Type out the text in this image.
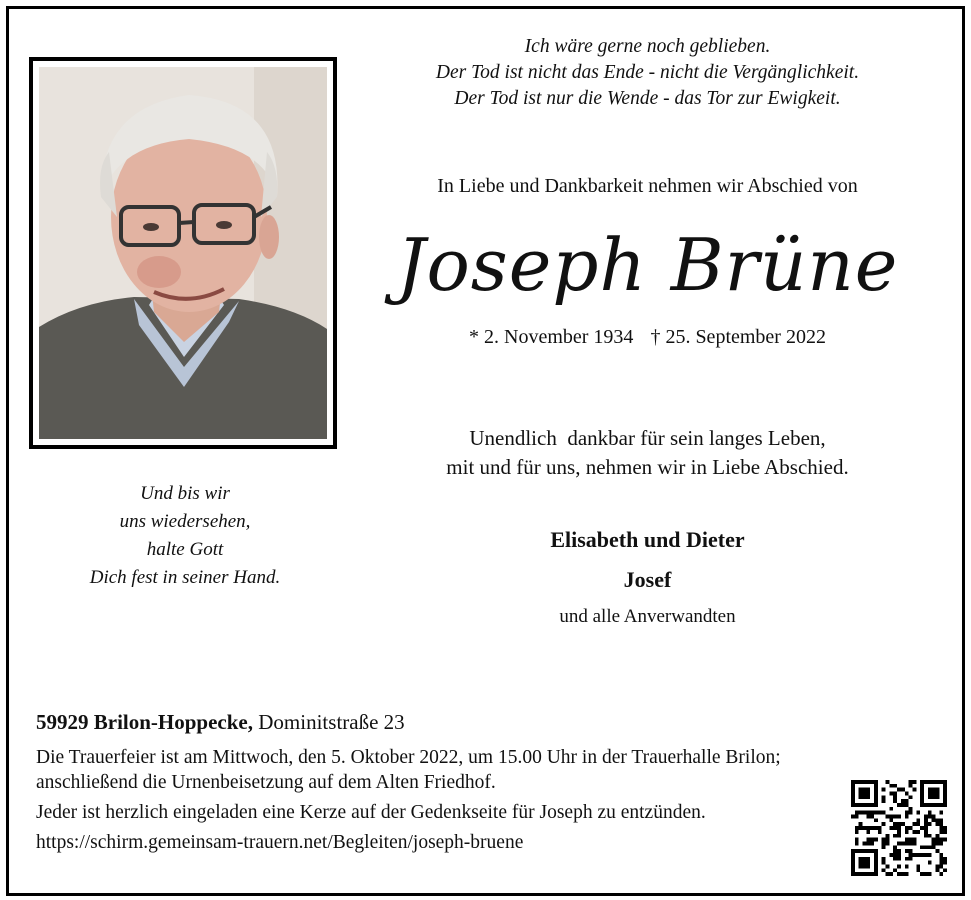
Und bis wir
uns wiedersehen,
halte Gott
Dich fest in seiner Hand.
Ich wäre gerne noch geblieben.
Der Tod ist nicht das Ende - nicht die Vergänglichkeit.
Der Tod ist nur die Wende - das Tor zur Ewigkeit.
In Liebe und Dankbarkeit nehmen wir Abschied von
Joseph Brüne
* 2. November 1934 † 25. September 2022
Unendlich  dankbar für sein langes Leben,
mit und für uns, nehmen wir in Liebe Abschied.
Elisabeth und Dieter
Josef
und alle Anverwandten
59929 Brilon-Hoppecke, Dominitstraße 23

Die Trauerfeier ist am Mittwoch, den 5. Oktober 2022, um 15.00 Uhr in der Trauerhalle Brilon; anschließend die Urnenbeisetzung auf dem Alten Friedhof.

Jeder ist herzlich eingeladen eine Kerze auf der Gedenkseite für Joseph zu entzünden.

https://schirm.gemeinsam-trauern.net/Begleiten/joseph-bruene
